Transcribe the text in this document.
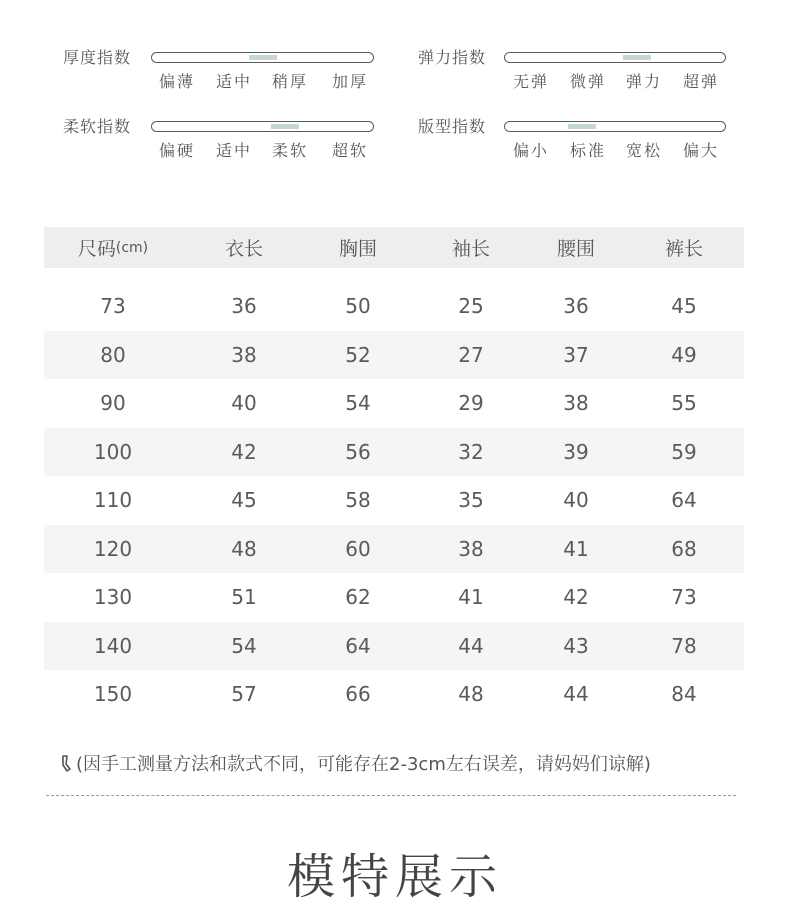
厚度指数
偏薄 适中 稍厚 加厚
弹力指数
无弹 微弹 弹力 超弹
柔软指数
偏硬 适中 柔软 超软
版型指数
偏小 标准 宽松 偏大
尺码 (cm)	衣长	胸围	袖长	腰围	裤长
73	36	50	25	36	45
80	38	52	27	37	49
90	40	54	29	38	55
100	42	56	32	39	59
110	45	58	35	40	64
120	48	60	38	41	68
130	51	62	41	42	73
140	54	64	44	43	78
150	57	66	48	44	84
(因手工测量方法和款式不同，可能存在2-3cm左右误差，请妈妈们谅解)
模特展示
